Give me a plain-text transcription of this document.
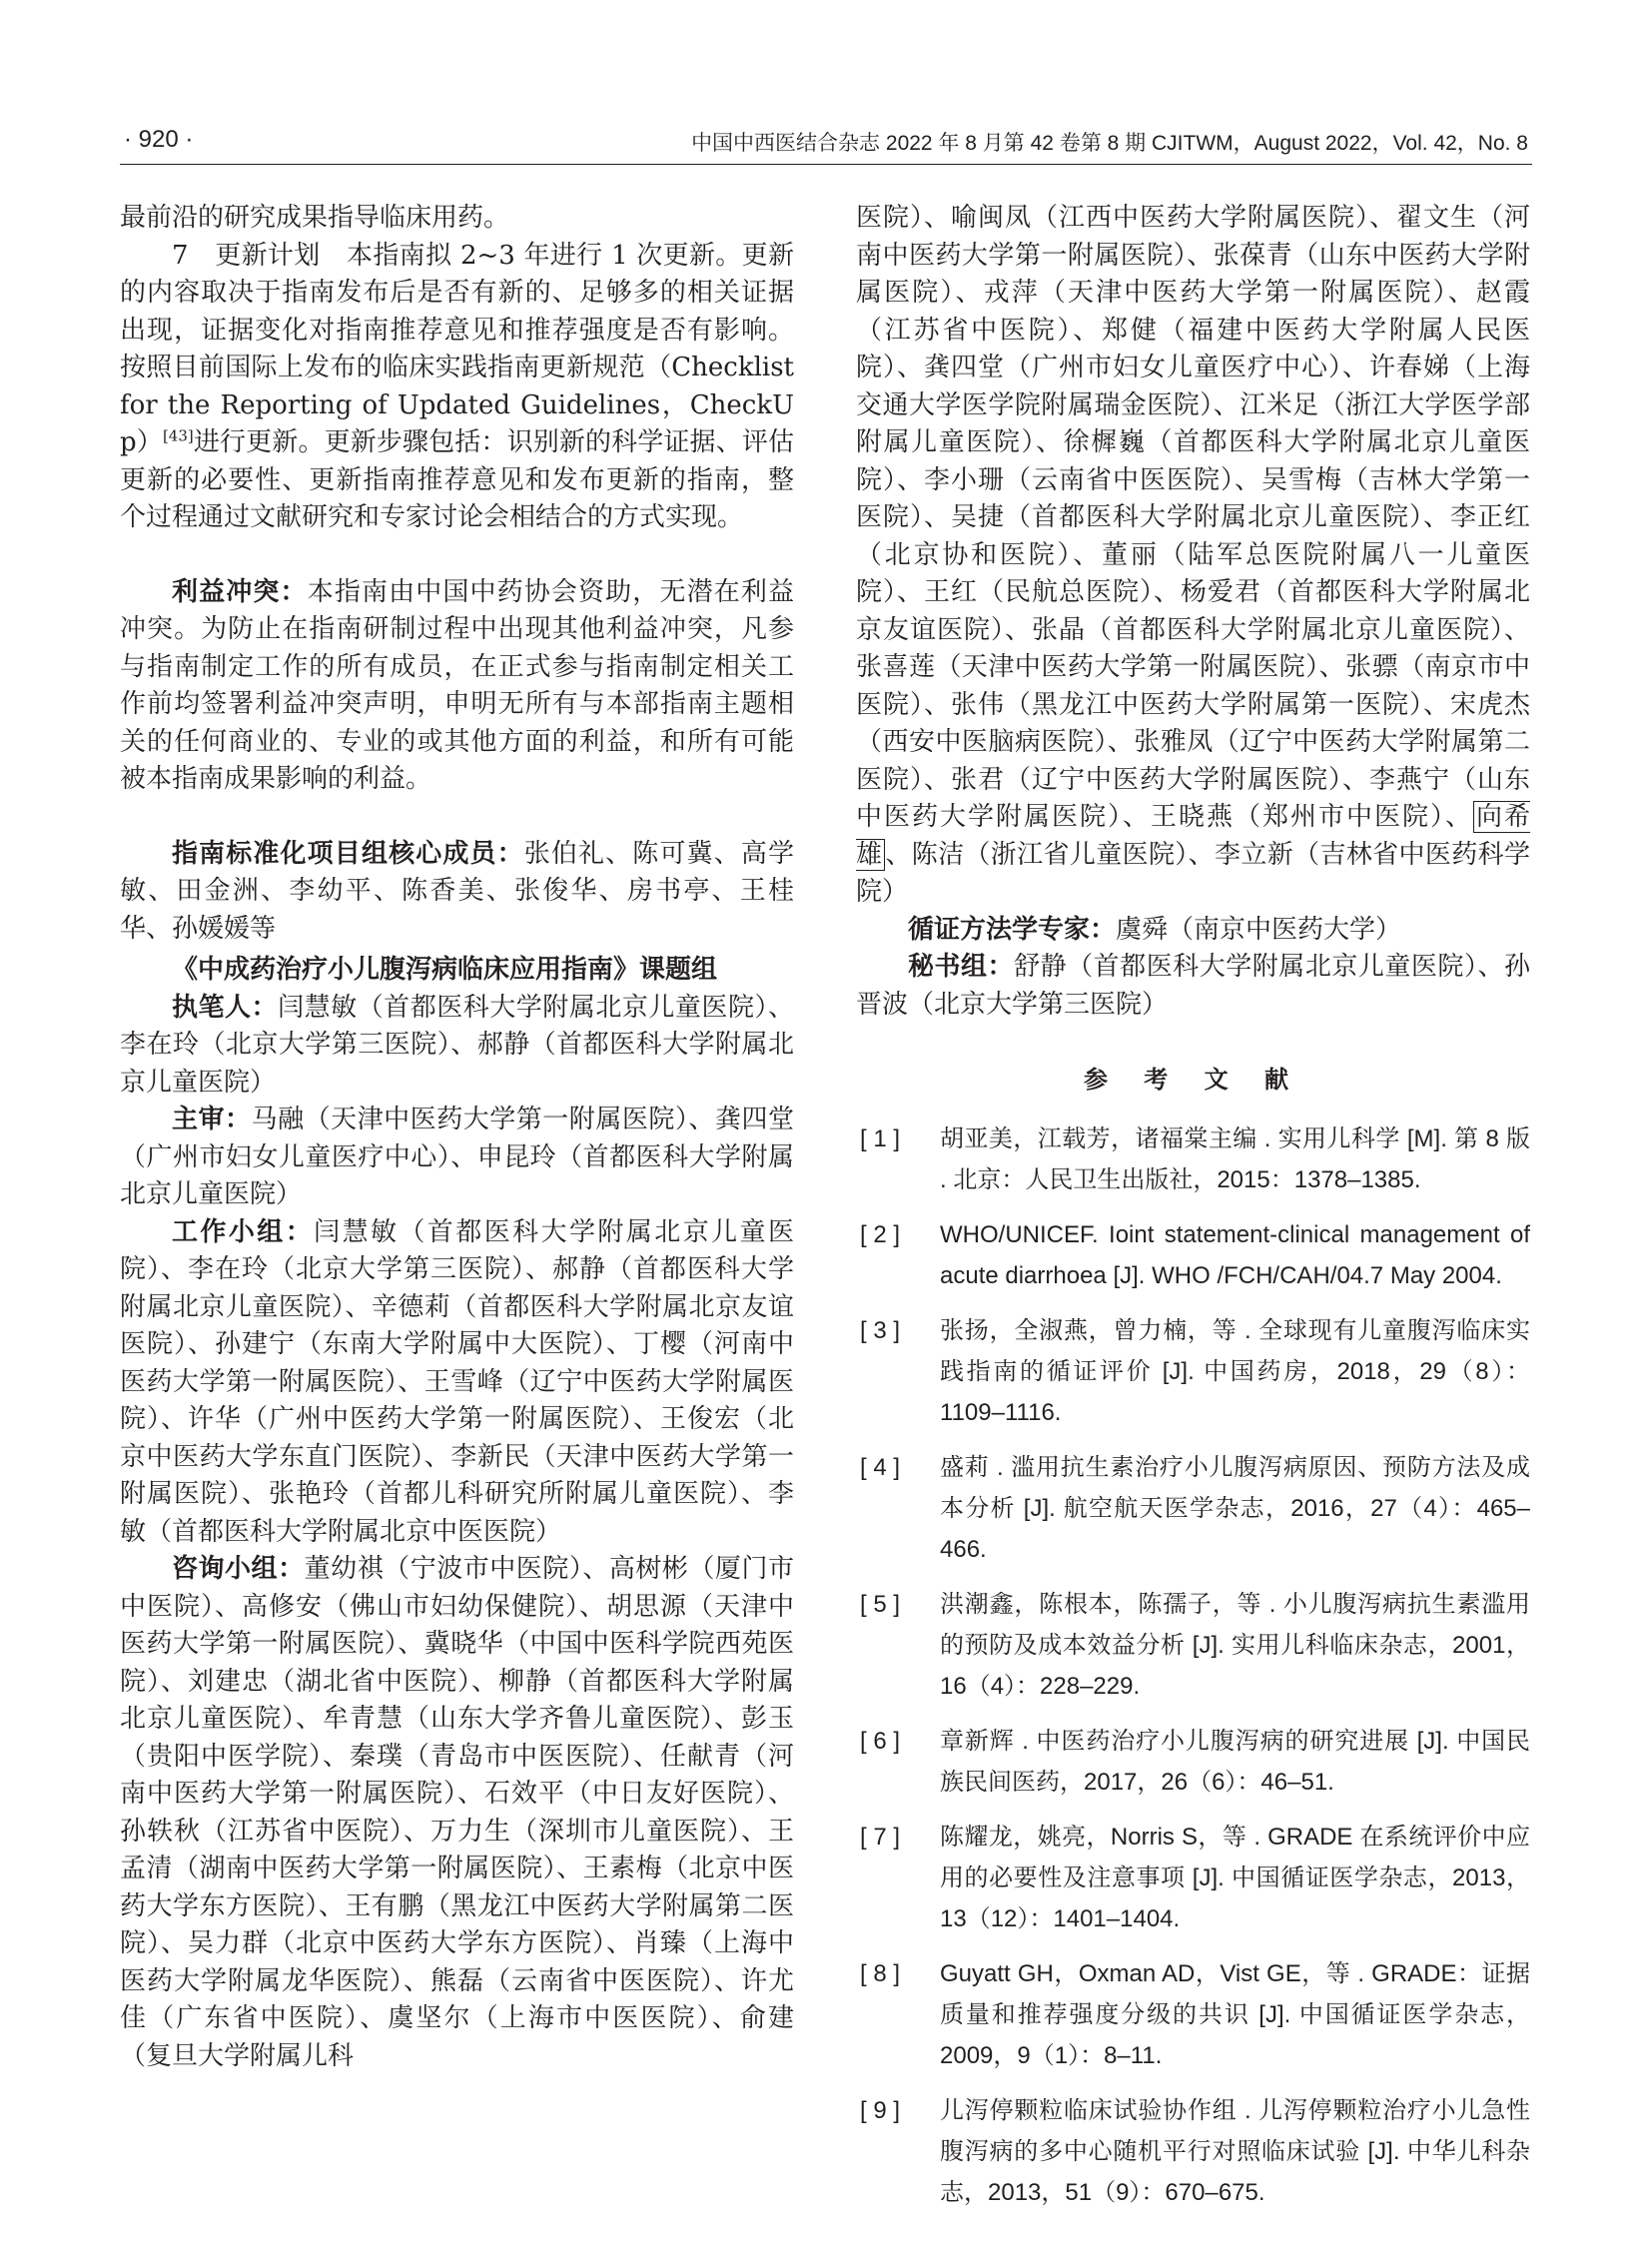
· 920 ·	中国中西医结合杂志 2022 年 8 月第 42 卷第 8 期 CJITWM，August 2022，Vol. 42，No. 8

最前沿的研究成果指导临床用药。

7　更新计划　本指南拟 2~3 年进行 1 次更新。更新的内容取决于指南发布后是否有新的、足够多的相关证据出现，证据变化对指南推荐意见和推荐强度是否有影响。按照目前国际上发布的临床实践指南更新规范（Checklist for the Reporting of Updated Guidelines，CheckUp）[43]进行更新。更新步骤包括：识别新的科学证据、评估更新的必要性、更新指南推荐意见和发布更新的指南，整个过程通过文献研究和专家讨论会相结合的方式实现。

利益冲突：本指南由中国中药协会资助，无潜在利益冲突。为防止在指南研制过程中出现其他利益冲突，凡参与指南制定工作的所有成员，在正式参与指南制定相关工作前均签署利益冲突声明，申明无所有与本部指南主题相关的任何商业的、专业的或其他方面的利益，和所有可能被本指南成果影响的利益。

指南标准化项目组核心成员：张伯礼、陈可冀、高学敏、田金洲、李幼平、陈香美、张俊华、房书亭、王桂华、孙媛媛等

《中成药治疗小儿腹泻病临床应用指南》课题组

执笔人：闫慧敏（首都医科大学附属北京儿童医院）、李在玲（北京大学第三医院）、郝静（首都医科大学附属北京儿童医院）

主审：马融（天津中医药大学第一附属医院）、龚四堂（广州市妇女儿童医疗中心）、申昆玲（首都医科大学附属北京儿童医院）

工作小组：闫慧敏（首都医科大学附属北京儿童医院）、李在玲（北京大学第三医院）、郝静（首都医科大学附属北京儿童医院）、辛德莉（首都医科大学附属北京友谊医院）、孙建宁（东南大学附属中大医院）、丁樱（河南中医药大学第一附属医院）、王雪峰（辽宁中医药大学附属医院）、许华（广州中医药大学第一附属医院）、王俊宏（北京中医药大学东直门医院）、李新民（天津中医药大学第一附属医院）、张艳玲（首都儿科研究所附属儿童医院）、李敏（首都医科大学附属北京中医医院）

咨询小组：董幼祺（宁波市中医院）、高树彬（厦门市中医院）、高修安（佛山市妇幼保健院）、胡思源（天津中医药大学第一附属医院）、冀晓华（中国中医科学院西苑医院）、刘建忠（湖北省中医院）、柳静（首都医科大学附属北京儿童医院）、牟青慧（山东大学齐鲁儿童医院）、彭玉（贵阳中医学院）、秦璞（青岛市中医医院）、任献青（河南中医药大学第一附属医院）、石效平（中日友好医院）、孙轶秋（江苏省中医院）、万力生（深圳市儿童医院）、王孟清（湖南中医药大学第一附属医院）、王素梅（北京中医药大学东方医院）、王有鹏（黑龙江中医药大学附属第二医院）、吴力群（北京中医药大学东方医院）、肖臻（上海中医药大学附属龙华医院）、熊磊（云南省中医医院）、许尤佳（广东省中医院）、虞坚尔（上海市中医医院）、俞建（复旦大学附属儿科

医院）、喻闽凤（江西中医药大学附属医院）、翟文生（河南中医药大学第一附属医院）、张葆青（山东中医药大学附属医院）、戎萍（天津中医药大学第一附属医院）、赵霞（江苏省中医院）、郑健（福建中医药大学附属人民医院）、龚四堂（广州市妇女儿童医疗中心）、许春娣（上海交通大学医学院附属瑞金医院）、江米足（浙江大学医学部附属儿童医院）、徐樨巍（首都医科大学附属北京儿童医院）、李小珊（云南省中医医院）、吴雪梅（吉林大学第一医院）、吴捷（首都医科大学附属北京儿童医院）、李正红（北京协和医院）、董丽（陆军总医院附属八一儿童医院）、王红（民航总医院）、杨爱君（首都医科大学附属北京友谊医院）、张晶（首都医科大学附属北京儿童医院）、张喜莲（天津中医药大学第一附属医院）、张骠（南京市中医院）、张伟（黑龙江中医药大学附属第一医院）、宋虎杰（西安中医脑病医院）、张雅凤（辽宁中医药大学附属第二医院）、张君（辽宁中医药大学附属医院）、李燕宁（山东中医药大学附属医院）、王晓燕（郑州市中医院）、 向希雄 、陈洁（浙江省儿童医院）、李立新（吉林省中医药科学院）

循证方法学专家：虞舜（南京中医药大学）

秘书组：舒静（首都医科大学附属北京儿童医院）、孙晋波（北京大学第三医院）

参 考 文 献
[ 1 ]	胡亚美，江载芳，诸福棠主编 . 实用儿科学 [M]. 第 8 版 . 北京：人民卫生出版社，2015：1378–1385.
[ 2 ]	WHO/UNICEF. Ioint statement-clinical management of acute diarrhoea [J]. WHO /FCH/CAH/04.7 May 2004.
[ 3 ]	张扬，全淑燕，曾力楠，等 . 全球现有儿童腹泻临床实践指南的循证评价 [J]. 中国药房，2018，29（8）：1109–1116.
[ 4 ]	盛莉 . 滥用抗生素治疗小儿腹泻病原因、预防方法及成本分析 [J]. 航空航天医学杂志，2016，27（4）：465–466.
[ 5 ]	洪潮鑫，陈根本，陈孺子，等 . 小儿腹泻病抗生素滥用的预防及成本效益分析 [J]. 实用儿科临床杂志，2001，16（4）：228–229.
[ 6 ]	章新辉 . 中医药治疗小儿腹泻病的研究进展 [J]. 中国民族民间医药，2017，26（6）：46–51.
[ 7 ]	陈耀龙，姚亮，Norris S，等 . GRADE 在系统评价中应用的必要性及注意事项 [J]. 中国循证医学杂志，2013，13（12）：1401–1404.
[ 8 ]	Guyatt GH，Oxman AD，Vist GE，等 . GRADE：证据质量和推荐强度分级的共识 [J]. 中国循证医学杂志，2009，9（1）：8–11.
[ 9 ]	儿泻停颗粒临床试验协作组 . 儿泻停颗粒治疗小儿急性腹泻病的多中心随机平行对照临床试验 [J]. 中华儿科杂志，2013，51（9）：670–675.
